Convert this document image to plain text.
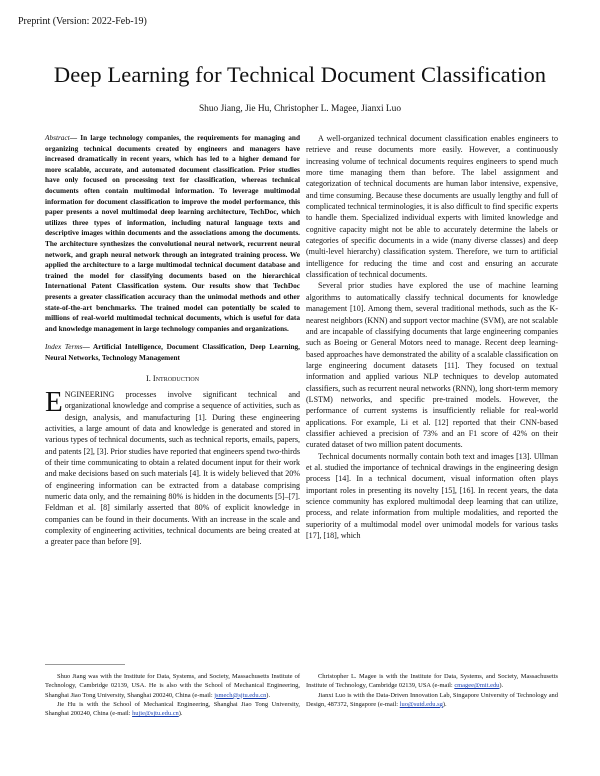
Preprint (Version: 2022-Feb-19)
Deep Learning for Technical Document Classification
Shuo Jiang, Jie Hu, Christopher L. Magee, Jianxi Luo

Abstract— In large technology companies, the requirements for managing and organizing technical documents created by engineers and managers have increased dramatically in recent years, which has led to a higher demand for more scalable, accurate, and automated document classification. Prior studies have only focused on processing text for classification, whereas technical documents often contain multimodal information. To leverage multimodal information for document classification to improve the model performance, this paper presents a novel multimodal deep learning architecture, TechDoc, which utilizes three types of information, including natural language texts and descriptive images within documents and the associations among the documents. The architecture synthesizes the convolutional neural network, recurrent neural network, and graph neural network through an integrated training process. We applied the architecture to a large multimodal technical document database and trained the model for classifying documents based on the hierarchical International Patent Classification system. Our results show that TechDoc presents a greater classification accuracy than the unimodal methods and other state-of-the-art benchmarks. The trained model can potentially be scaled to millions of real-world multimodal technical documents, which is useful for data and knowledge management in large technology companies and organizations.

Index Terms— Artificial Intelligence, Document Classification, Deep Learning, Neural Networks, Technology Management

I. Introduction

ENGINEERING processes involve significant technical and organizational knowledge and comprise a sequence of activities, such as design, analysis, and manufacturing [1]. During these engineering activities, a large amount of data and knowledge is generated and stored in various types of technical documents, such as technical reports, emails, papers, and patents [2], [3]. Prior studies have reported that engineers spend two-thirds of their time communicating to obtain a related document input for their work and make decisions based on such materials [4]. It is widely believed that 20% of engineering information can be extracted from a database comprising numeric data only, and the remaining 80% is hidden in the documents [5]–[7]. Feldman et al. [8] similarly asserted that 80% of explicit knowledge in companies can be found in their documents. With an increase in the scale and complexity of engineering activities, technical documents are being created at a greater pace than before [9].

A well-organized technical document classification enables engineers to retrieve and reuse documents more easily. However, a continuously increasing volume of technical documents requires engineers to spend much more time managing them than before. The label assignment and categorization of technical documents are human labor intensive, expensive, and time consuming. Because these documents are usually lengthy and full of complicated technical terminologies, it is also difficult to find specific experts to handle them. Specialized individual experts with limited knowledge and cognitive capacity might not be able to accurately determine the labels or categories of specific documents in a wide (many diverse classes) and deep (multi-level hierarchy) classification system. Therefore, we turn to artificial intelligence for reducing the time and cost and ensuring an accurate classification of technical documents.

Several prior studies have explored the use of machine learning algorithms to automatically classify technical documents for knowledge management [10]. Among them, several traditional methods, such as the K-nearest neighbors (KNN) and support vector machine (SVM), are not scalable and are incapable of classifying documents that large engineering companies such as Boeing or General Motors need to manage. Recent deep learning-based approaches have demonstrated the ability of a scalable classification on large engineering document datasets [11]. They focused on textual information and applied various NLP techniques to develop automated classifiers, such as recurrent neural networks (RNN), long short-term memory (LSTM) networks, and specific pre-trained models. However, the performance of current systems is insufficiently reliable for real-world applications. For example, Li et al. [12] reported that their CNN-based classifier achieved a precision of 73% and an F1 score of 42% on their curated dataset of two million patent documents.

Technical documents normally contain both text and images [13]. Ullman et al. studied the importance of technical drawings in the engineering design process [14]. In a technical document, visual information often plays important roles in presenting its novelty [15], [16]. In recent years, the data science community has explored multimodal deep learning that can utilize, process, and relate information from multiple modalities, and reported the superiority of a multimodal model over unimodal models for various tasks [17], [18], which

Shuo Jiang was with the Institute for Data, Systems, and Society, Massachusetts Institute of Technology, Cambridge 02139, USA. He is also with the School of Mechanical Engineering, Shanghai Jiao Tong University, Shanghai 200240, China (e-mail: jsmech@sjtu.edu.cn).

Jie Hu is with the School of Mechanical Engineering, Shanghai Jiao Tong University, Shanghai 200240, China (e-mail: hujie@sjtu.edu.cn).

Christopher L. Magee is with the Institute for Data, Systems, and Society, Massachusetts Institute of Technology, Cambridge 02139, USA (e-mail: cmagee@mit.edu).

Jianxi Luo is with the Data-Driven Innovation Lab, Singapore University of Technology and Design, 487372, Singapore (e-mail: luo@sutd.edu.sg).
